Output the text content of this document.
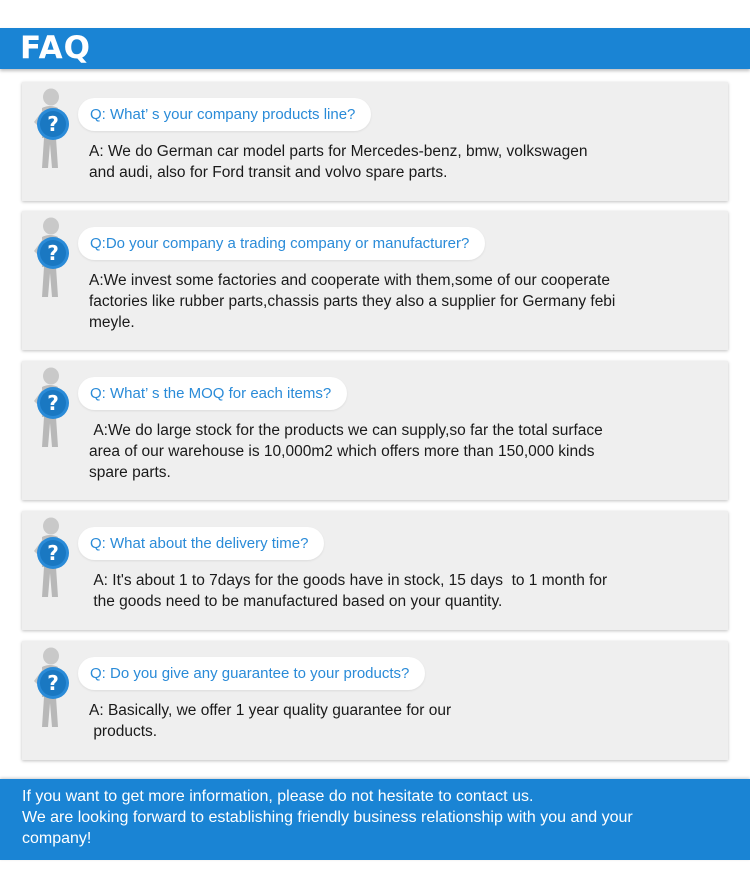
FAQ
?	Q: What’ s your company products line?
A: We do German car model parts for Mercedes-benz, bmw, volkswagen
and audi, also for Ford transit and volvo spare parts.
?	Q:Do your company a trading company or manufacturer?
A:We invest some factories and cooperate with them,some of our cooperate
factories like rubber parts,chassis parts they also a supplier for Germany febi
meyle.
?	Q: What’ s the MOQ for each items?
A:We do large stock for the products we can supply,so far the total surface
area of our warehouse is 10,000m2 which offers more than 150,000 kinds
spare parts.
?	Q: What about the delivery time?
A: It's about 1 to 7days for the goods have in stock, 15 days  to 1 month for
the goods need to be manufactured based on your quantity.
?	Q: Do you give any guarantee to your products?
A: Basically, we offer 1 year quality guarantee for our
products.
If you want to get more information, please do not hesitate to contact us.
We are looking forward to establishing friendly business relationship with you and your
company!
